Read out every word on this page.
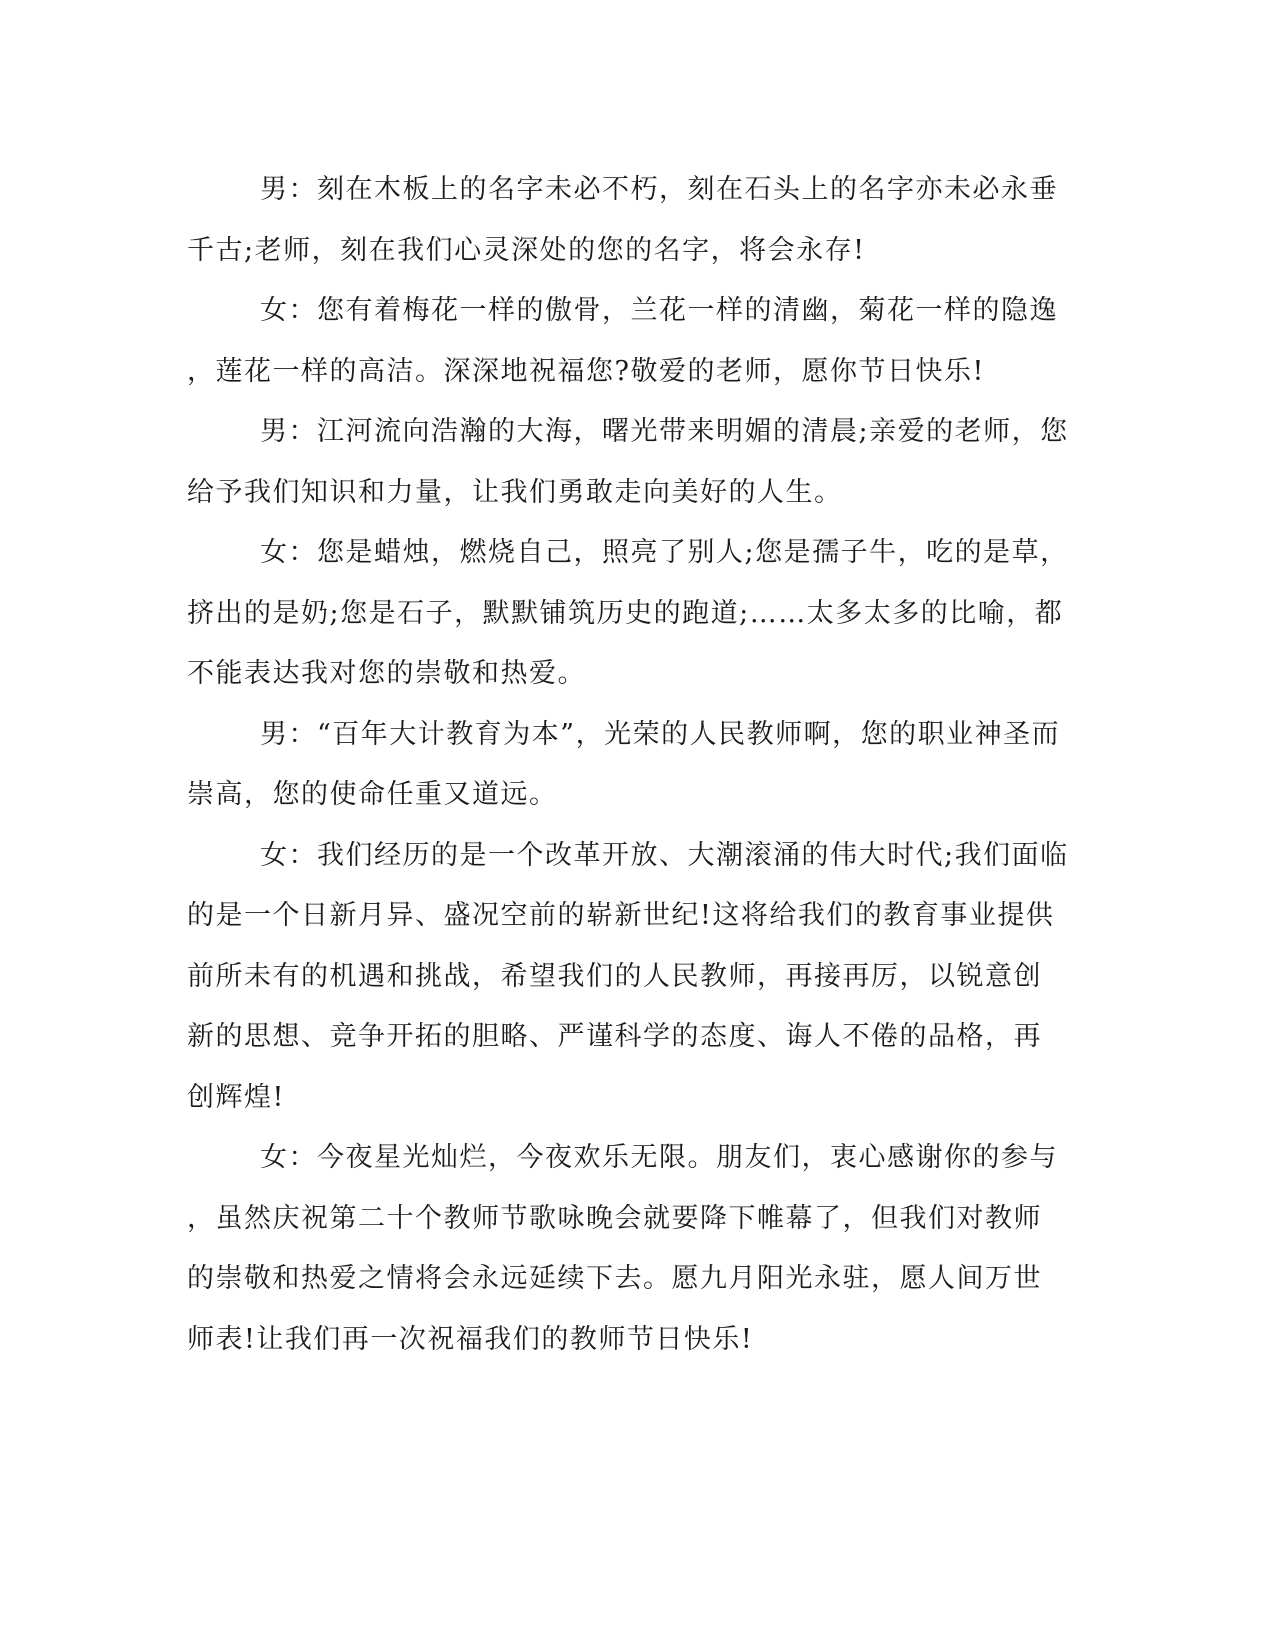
男：刻在木板上的名字未必不朽，刻在石头上的名字亦未必永垂
千古;老师，刻在我们心灵深处的您的名字，将会永存!
女：您有着梅花一样的傲骨，兰花一样的清幽，菊花一样的隐逸
，莲花一样的高洁。深深地祝福您?敬爱的老师，愿你节日快乐!
男：江河流向浩瀚的大海，曙光带来明媚的清晨;亲爱的老师，您
给予我们知识和力量，让我们勇敢走向美好的人生。
女：您是蜡烛，燃烧自己，照亮了别人;您是孺子牛，吃的是草，
挤出的是奶;您是石子，默默铺筑历史的跑道;……太多太多的比喻，都
不能表达我对您的崇敬和热爱。
男：“百年大计教育为本”，光荣的人民教师啊，您的职业神圣而
崇高，您的使命任重又道远。
女：我们经历的是一个改革开放、大潮滚涌的伟大时代;我们面临
的是一个日新月异、盛况空前的崭新世纪!这将给我们的教育事业提供
前所未有的机遇和挑战，希望我们的人民教师，再接再厉，以锐意创
新的思想、竞争开拓的胆略、严谨科学的态度、诲人不倦的品格，再
创辉煌!
女：今夜星光灿烂，今夜欢乐无限。朋友们，衷心感谢你的参与
，虽然庆祝第二十个教师节歌咏晚会就要降下帷幕了，但我们对教师
的崇敬和热爱之情将会永远延续下去。愿九月阳光永驻，愿人间万世
师表!让我们再一次祝福我们的教师节日快乐!
